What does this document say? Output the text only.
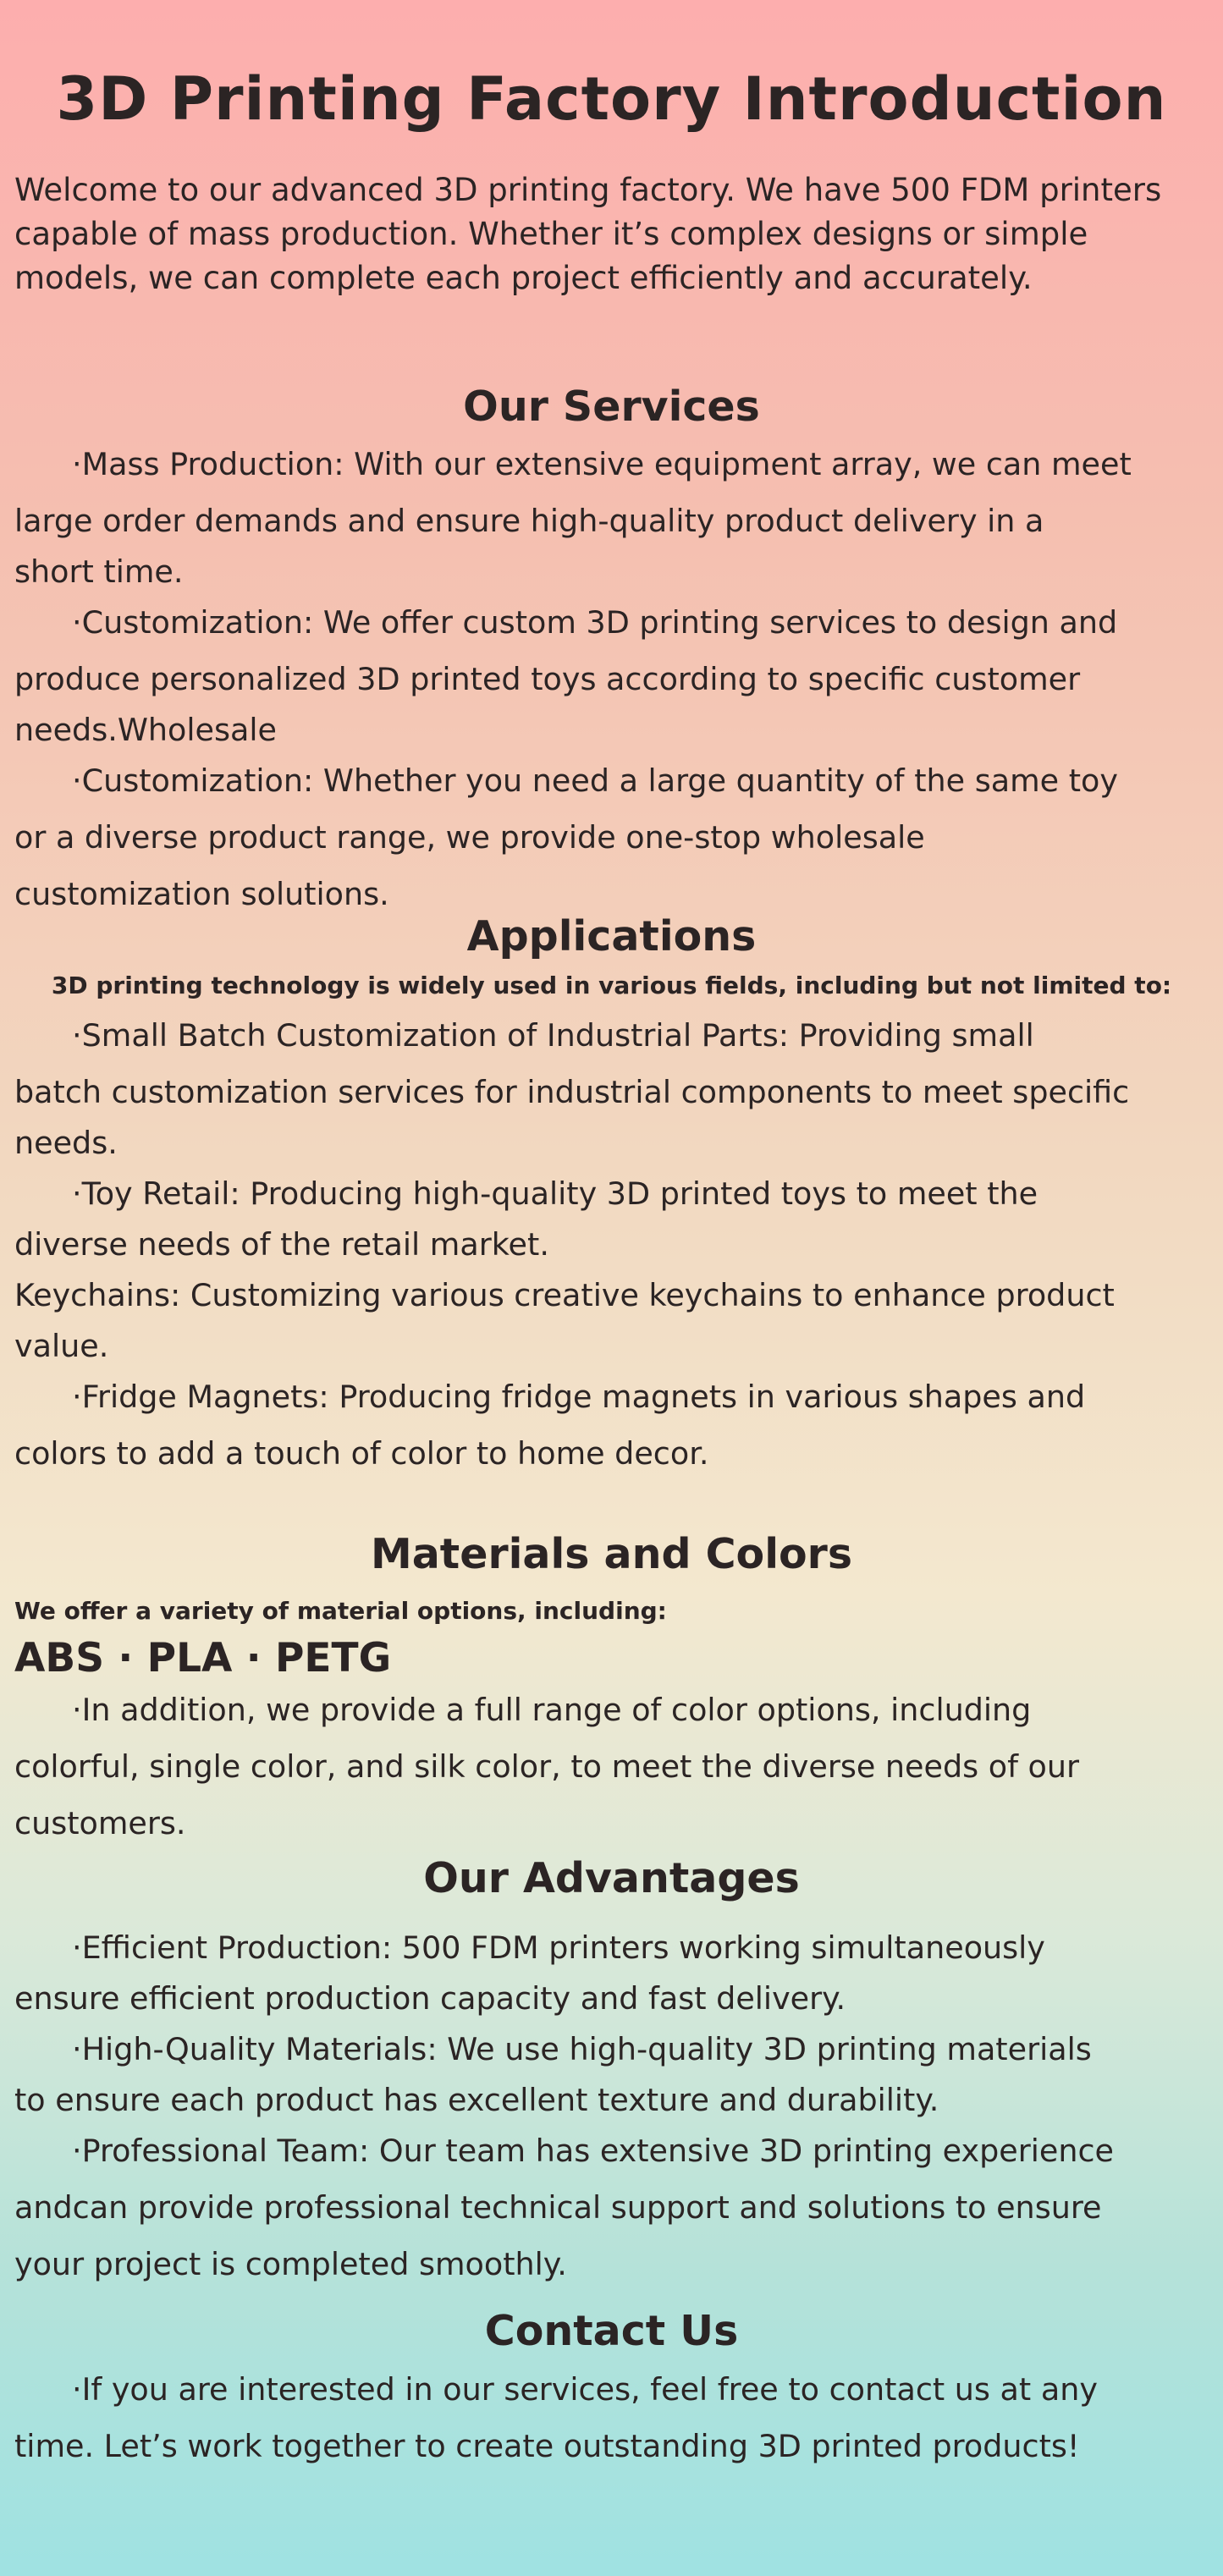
3D Printing Factory Introduction
Welcome to our advanced 3D printing factory. We have 500 FDM printers
capable of mass production. Whether it’s complex designs or simple
models, we can complete each project efficiently and accurately.
Our Services
·Mass Production: With our extensive equipment array, we can meet
large order demands and ensure high-quality product delivery in a
short time.
·Customization: We offer custom 3D printing services to design and
produce personalized 3D printed toys according to specific customer
needs.Wholesale
·Customization: Whether you need a large quantity of the same toy
or a diverse product range, we provide one-stop wholesale
customization solutions.
Applications
3D printing technology is widely used in various fields, including but not limited to:
·Small Batch Customization of Industrial Parts: Providing small
batch customization services for industrial components to meet specific
needs.
·Toy Retail: Producing high-quality 3D printed toys to meet the
diverse needs of the retail market.
Keychains: Customizing various creative keychains to enhance product
value.
·Fridge Magnets: Producing fridge magnets in various shapes and
colors to add a touch of color to home decor.
Materials and Colors
We offer a variety of material options, including:
ABS · PLA · PETG
·In addition, we provide a full range of color options, including
colorful, single color, and silk color, to meet the diverse needs of our
customers.
Our Advantages
·Efficient Production: 500 FDM printers working simultaneously
ensure efficient production capacity and fast delivery.
·High-Quality Materials: We use high-quality 3D printing materials
to ensure each product has excellent texture and durability.
·Professional Team: Our team has extensive 3D printing experience
andcan provide professional technical support and solutions to ensure
your project is completed smoothly.
Contact Us
·If you are interested in our services, feel free to contact us at any
time. Let’s work together to create outstanding 3D printed products!
